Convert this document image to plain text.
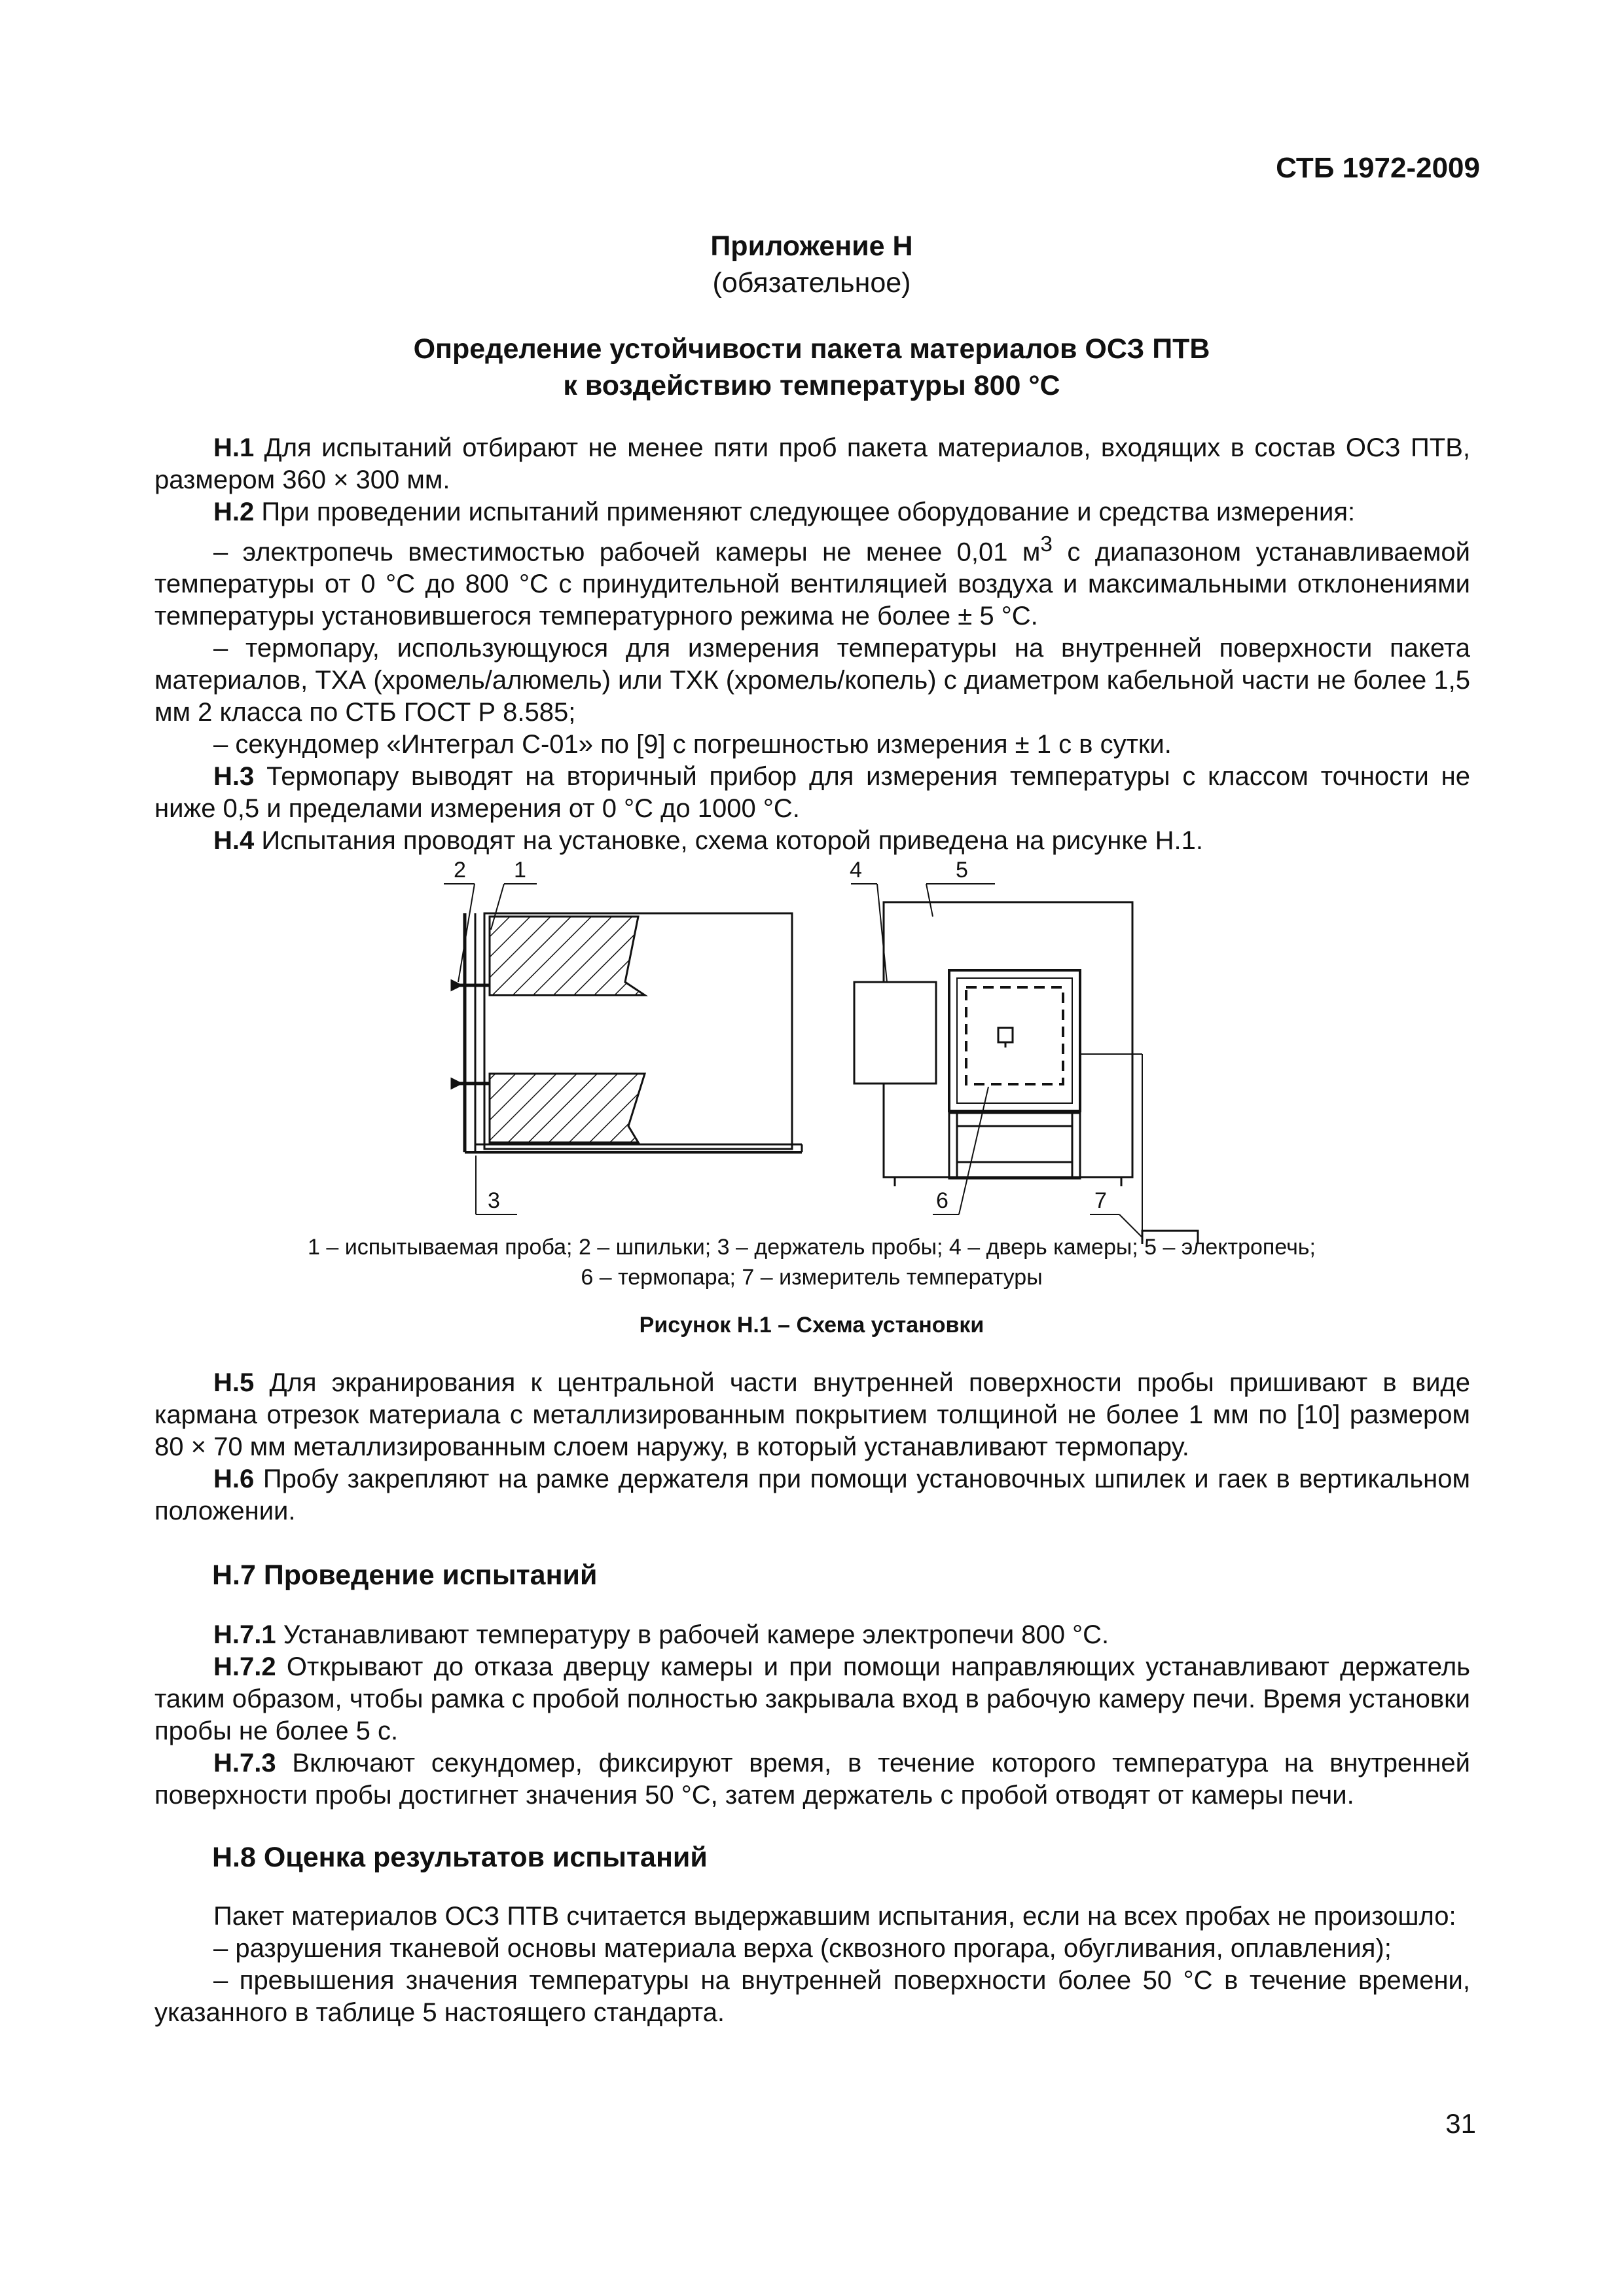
СТБ 1972-2009
Приложение Н
(обязательное)
Определение устойчивости пакета материалов ОСЗ ПТВ
к воздействию температуры 800 °С

Н.1 Для испытаний отбирают не менее пяти проб пакета материалов, входящих в состав ОСЗ ПТВ, размером 360 × 300 мм.

Н.2 При проведении испытаний применяют следующее оборудование и средства измерения:

– электропечь вместимостью рабочей камеры не менее 0,01 $м^3$ с диапазоном устанавливаемой температуры от 0 °С до 800 °С с принудительной вентиляцией воздуха и максимальными отклонениями температуры установившегося температурного режима не более ± 5 °С.

– термопару, использующуюся для измерения температуры на внутренней поверхности пакета материалов, ТХА (хромель/алюмель) или ТХК (хромель/копель) с диаметром кабельной части не более 1,5 мм 2 класса по СТБ ГОСТ Р 8.585;

– секундомер «Интеграл С-01» по [9] с погрешностью измерения ± 1 с в сутки.

Н.3 Термопару выводят на вторичный прибор для измерения температуры с классом точности не ниже 0,5 и пределами измерения от 0 °С до 1000 °С.

Н.4 Испытания проводят на установке, схема которой приведена на рисунке Н.1.

2 1
3
4	5
6	7
1 – испытываемая проба; 2 – шпильки; 3 – держатель пробы; 4 – дверь камеры; 5 – электропечь;
6 – термопара; 7 – измеритель температуры
Рисунок Н.1 – Схема установки

Н.5 Для экранирования к центральной части внутренней поверхности пробы пришивают в виде кармана отрезок материала с металлизированным покрытием толщиной не более 1 мм по [10] размером 80 × 70 мм металлизированным слоем наружу, в который устанавливают термопару.

Н.6 Пробу закрепляют на рамке держателя при помощи установочных шпилек и гаек в вертикальном положении.

Н.7 Проведение испытаний

Н.7.1 Устанавливают температуру в рабочей камере электропечи 800 °С.

Н.7.2 Открывают до отказа дверцу камеры и при помощи направляющих устанавливают держатель таким образом, чтобы рамка с пробой полностью закрывала вход в рабочую камеру печи. Время установки пробы не более 5 с.

Н.7.3 Включают секундомер, фиксируют время, в течение которого температура на внутренней поверхности пробы достигнет значения 50 °С, затем держатель с пробой отводят от камеры печи.

Н.8 Оценка результатов испытаний

Пакет материалов ОСЗ ПТВ считается выдержавшим испытания, если на всех пробах не произошло:

– разрушения тканевой основы материала верха (сквозного прогара, обугливания, оплавления);

– превышения значения температуры на внутренней поверхности более 50 °С в течение времени, указанного в таблице 5 настоящего стандарта.

31
